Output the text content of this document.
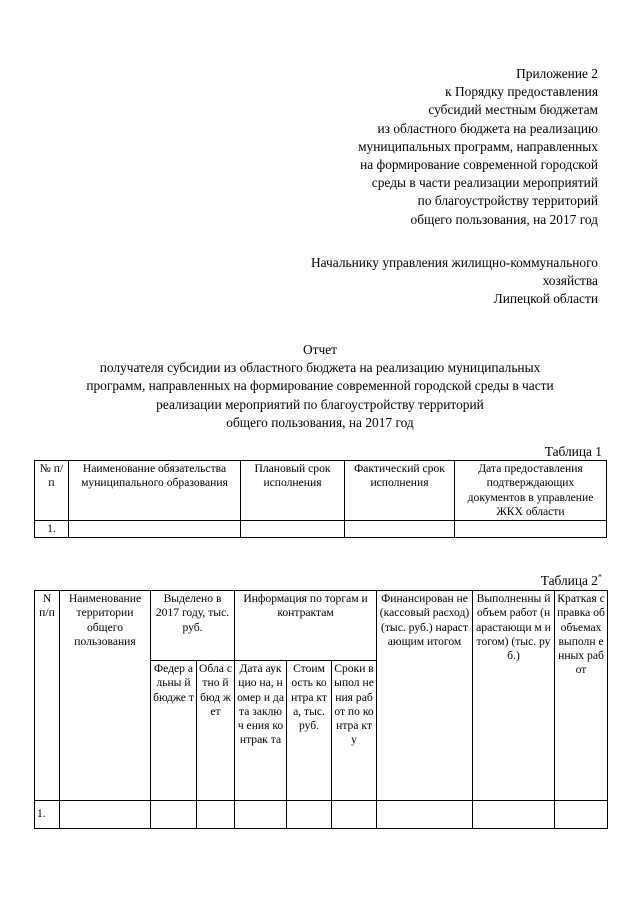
Приложение 2
к Порядку предоставления
субсидий местным бюджетам
из областного бюджета на реализацию
муниципальных программ, направленных
на формирование современной городской
среды в части реализации мероприятий
по благоустройству территорий
общего пользования, на 2017 год
Начальнику управления жилищно-коммунального
хозяйства
Липецкой области
Отчет
получателя субсидии из областного бюджета на реализацию муниципальных
программ, направленных на формирование современной городской среды в части
реализации мероприятий по благоустройству территорий
общего пользования, на 2017 год
Таблица 1
№ п/п	Наименование обязательства муниципального образования	Плановый срок исполнения	Фактический срок исполнения	Дата предоставления подтверждающих документов в управление ЖКХ области
1.				
Таблица 2*
N п/п	Наименование территории общего пользования	Выделено в 2017 году, тыс. руб.		Информация по торгам и контрактам			Финансирован не (кассовый расход) (тыс. руб.) нарастающим итогом	Выполненны й объем работ (нарастающи м итогом) (тыс. руб.)	Краткая справка об объемах выполн енных работ
		Федер альны й бюдже т	Обла стно й бюд жет	Дата аукцио на, номер и дата заключ ения контрак та	Стоим ость контра кта, тыс. руб.	Сроки выпол нения работ по контра кту			
1.									
